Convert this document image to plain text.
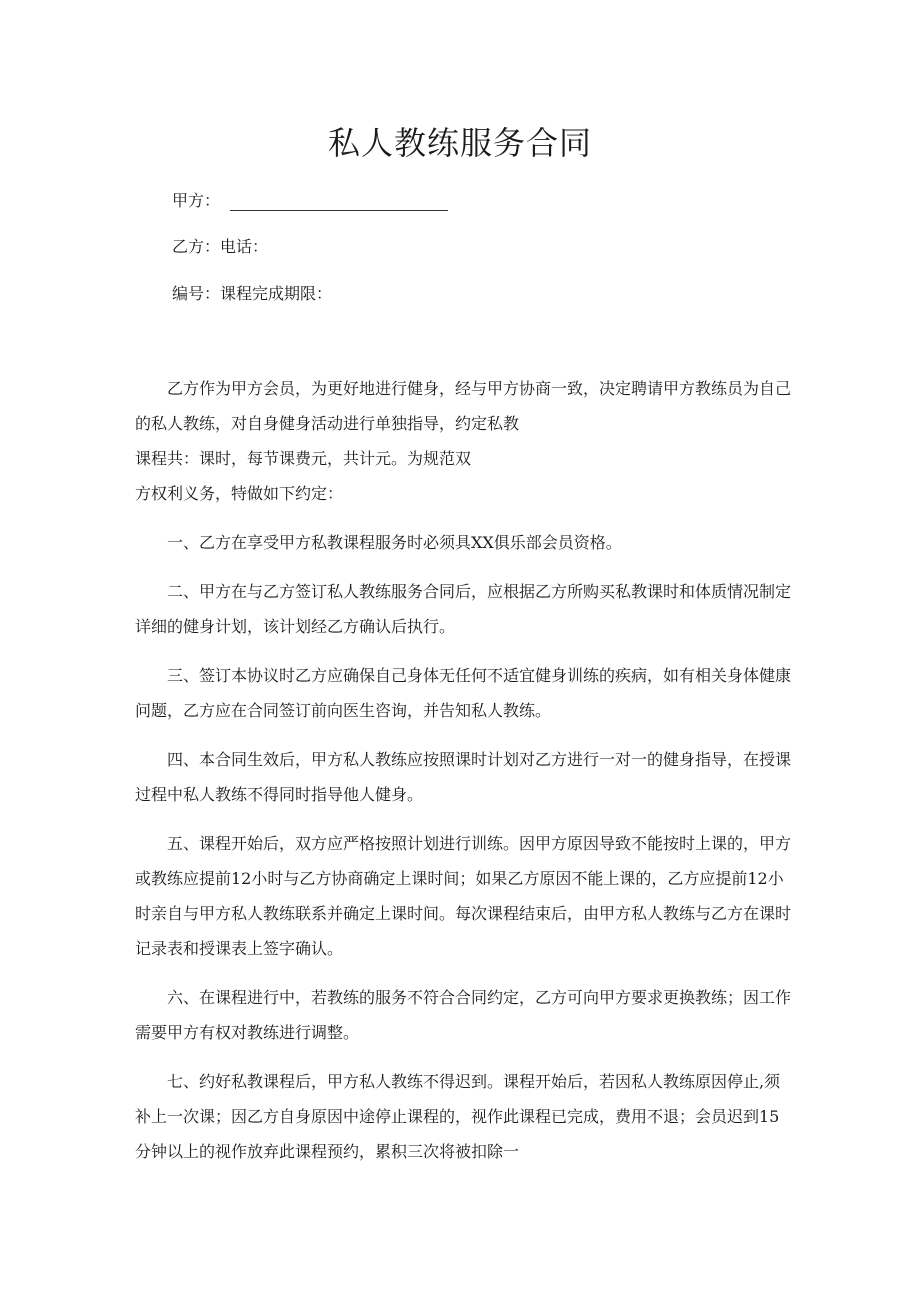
私人教练服务合同
甲方：
乙方：电话：
编号：课程完成期限：

乙方作为甲方会员，为更好地进行健身，经与甲方协商一致，决定聘请甲方教练员为自己的私人教练，对自身健身活动进行单独指导，约定私教

课程共：课时，每节课费元，共计元。为规范双

方权利义务，特做如下约定：

一、乙方在享受甲方私教课程服务时必须具XX俱乐部会员资格。

二、甲方在与乙方签订私人教练服务合同后，应根据乙方所购买私教课时和体质情况制定详细的健身计划，该计划经乙方确认后执行。

三、签订本协议时乙方应确保自己身体无任何不适宜健身训练的疾病，如有相关身体健康问题，乙方应在合同签订前向医生咨询，并告知私人教练。

四、本合同生效后，甲方私人教练应按照课时计划对乙方进行一对一的健身指导，在授课过程中私人教练不得同时指导他人健身。

五、课程开始后，双方应严格按照计划进行训练。因甲方原因导致不能按时上课的，甲方或教练应提前12小时与乙方协商确定上课时间；如果乙方原因不能上课的，乙方应提前12小时亲自与甲方私人教练联系并确定上课时间。每次课程结束后，由甲方私人教练与乙方在课时记录表和授课表上签字确认。

六、在课程进行中，若教练的服务不符合合同约定，乙方可向甲方要求更换教练；因工作需要甲方有权对教练进行调整。

七、约好私教课程后，甲方私人教练不得迟到。课程开始后，若因私人教练原因停止,须补上一次课；因乙方自身原因中途停止课程的，视作此课程已完成，费用不退；会员迟到15分钟以上的视作放弃此课程预约，累积三次将被扣除一
